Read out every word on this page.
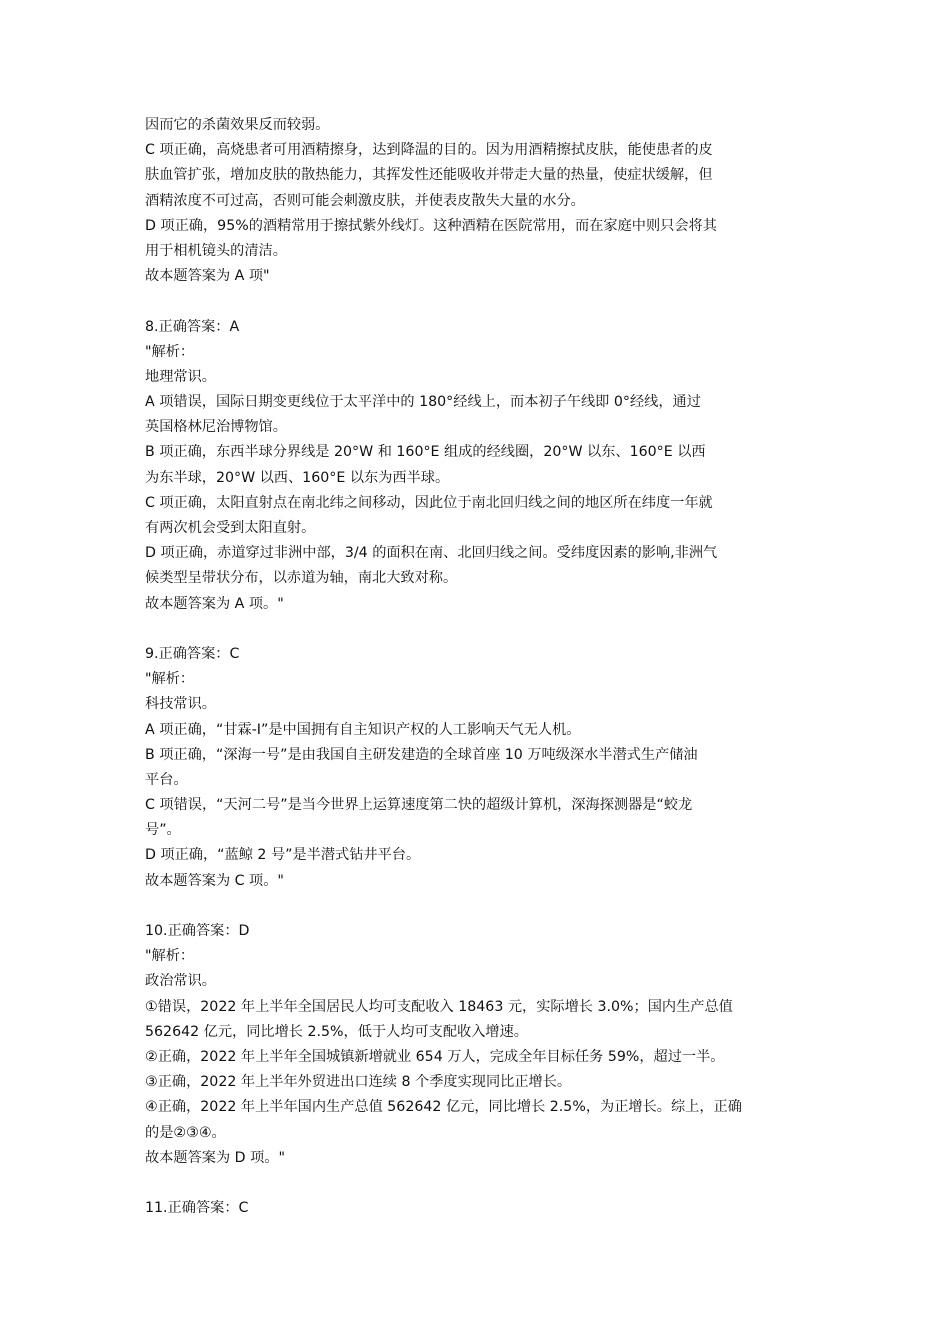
因而它的杀菌效果反而较弱。
C 项正确，高烧患者可用酒精擦身，达到降温的目的。因为用酒精擦拭皮肤，能使患者的皮
肤血管扩张，增加皮肤的散热能力，其挥发性还能吸收并带走大量的热量，使症状缓解，但
酒精浓度不可过高，否则可能会刺激皮肤，并使表皮散失大量的水分。
D 项正确，95%的酒精常用于擦拭紫外线灯。这种酒精在医院常用，而在家庭中则只会将其
用于相机镜头的清洁。
故本题答案为 A 项"
8.正确答案：A
"解析：
地理常识。
A 项错误，国际日期变更线位于太平洋中的 180°经线上，而本初子午线即 0°经线，通过
英国格林尼治博物馆。
B 项正确，东西半球分界线是 20°W 和 160°E 组成的经线圈，20°W 以东、160°E 以西
为东半球，20°W 以西、160°E 以东为西半球。
C 项正确，太阳直射点在南北纬之间移动，因此位于南北回归线之间的地区所在纬度一年就
有两次机会受到太阳直射。
D 项正确，赤道穿过非洲中部，3/4 的面积在南、北回归线之间。受纬度因素的影响,非洲气
候类型呈带状分布，以赤道为轴，南北大致对称。
故本题答案为 A 项。"
9.正确答案：C
"解析：
科技常识。
A 项正确，“甘霖-I”是中国拥有自主知识产权的人工影响天气无人机。
B 项正确，“深海一号”是由我国自主研发建造的全球首座 10 万吨级深水半潜式生产储油
平台。
C 项错误，“天河二号”是当今世界上运算速度第二快的超级计算机，深海探测器是“蛟龙
号”。
D 项正确，“蓝鲸 2 号”是半潜式钻井平台。
故本题答案为 C 项。"
10.正确答案：D
"解析：
政治常识。
①错误，2022 年上半年全国居民人均可支配收入 18463 元，实际增长 3.0%；国内生产总值
562642 亿元，同比增长 2.5%，低于人均可支配收入增速。
②正确，2022 年上半年全国城镇新增就业 654 万人，完成全年目标任务 59%，超过一半。
③正确，2022 年上半年外贸进出口连续 8 个季度实现同比正增长。
④正确，2022 年上半年国内生产总值 562642 亿元，同比增长 2.5%，为正增长。综上，正确
的是②③④。
故本题答案为 D 项。"
11.正确答案：C
